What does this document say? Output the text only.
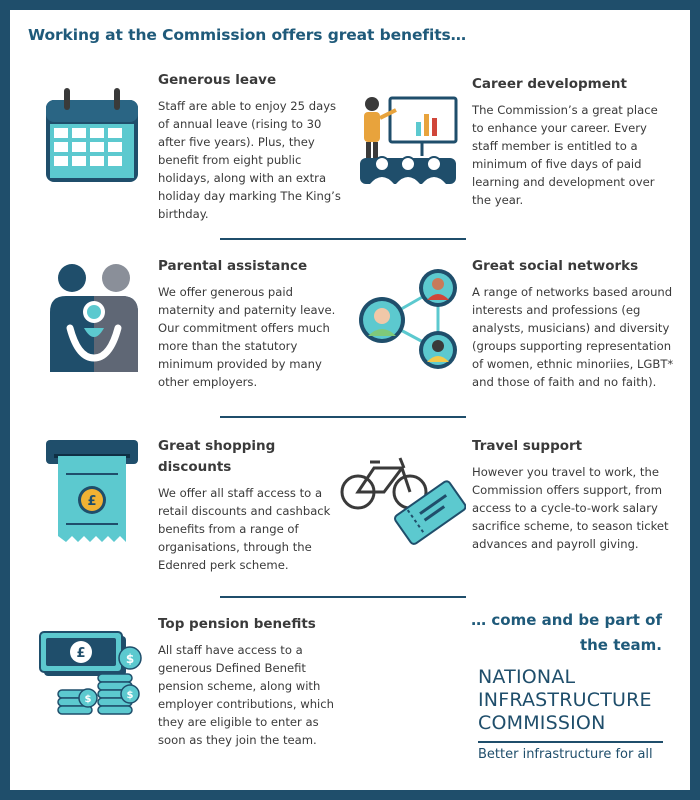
Working at the Commission offers great benefits…
Generous leave

Staff are able to enjoy 25 days of annual leave (rising to 30 after five years). Plus, they benefit from eight public holidays, along with an extra holiday day marking The King’s birthday.

Career development

The Commission’s a great place to enhance your career. Every staff member is entitled to a minimum of five days of paid learning and development over the year.

Parental assistance

We offer generous paid maternity and paternity leave. Our commitment offers much more than the statutory minimum provided by many other employers.

Great social networks

A range of networks based around interests and professions (eg analysts, musicians) and diversity (groups supporting representation of women, ethnic minoriies, LGBT* and those of faith and no faith).

£
Great shopping discounts

We offer all staff access to a retail discounts and cashback benefits from a range of organisations, through the Edenred perk scheme.

Travel support

However you travel to work, the Commission offers support, from access to a cycle-to-work salary sacrifice scheme, to season ticket advances and payroll giving.

£	$
$	$
Top pension benefits

All staff have access to a generous Defined Benefit pension scheme, along with employer contributions, which they are eligible to enter as soon as they join the team.

… come and be part of the team.
NATIONAL
INFRASTRUCTURE
COMMISSION
Better infrastructure for all
